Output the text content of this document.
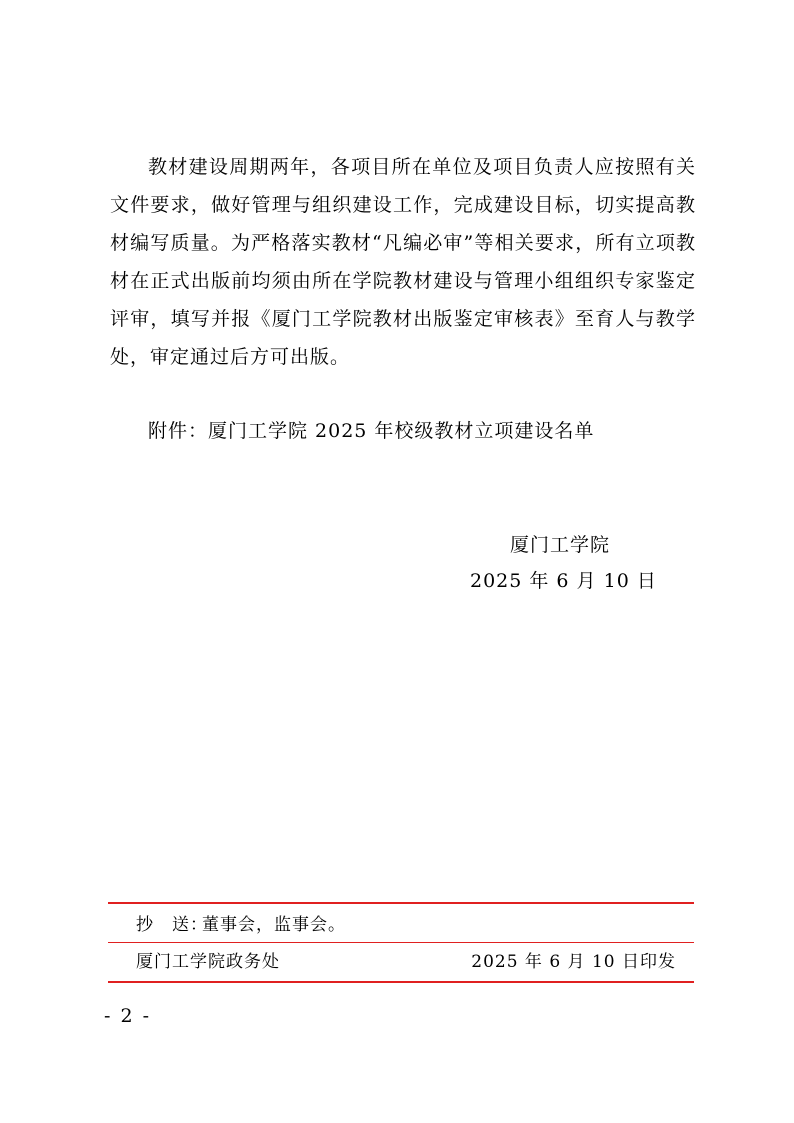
教材建设周期两年，各项目所在单位及项目负责人应按照有关文件要求，做好管理与组织建设工作，完成建设目标，切实提高教材编写质量。为严格落实教材“凡编必审”等相关要求，所有立项教材在正式出版前均须由所在学院教材建设与管理小组组织专家鉴定评审，填写并报《厦门工学院教材出版鉴定审核表》至育人与教学处，审定通过后方可出版。

附件：厦门工学院 2025 年校级教材立项建设名单
厦门工学院
2025 年 6 月 10 日
抄　送：
董事会，监事会。
厦门工学院政务处	2025 年 6 月 10 日印发
- 2 -
